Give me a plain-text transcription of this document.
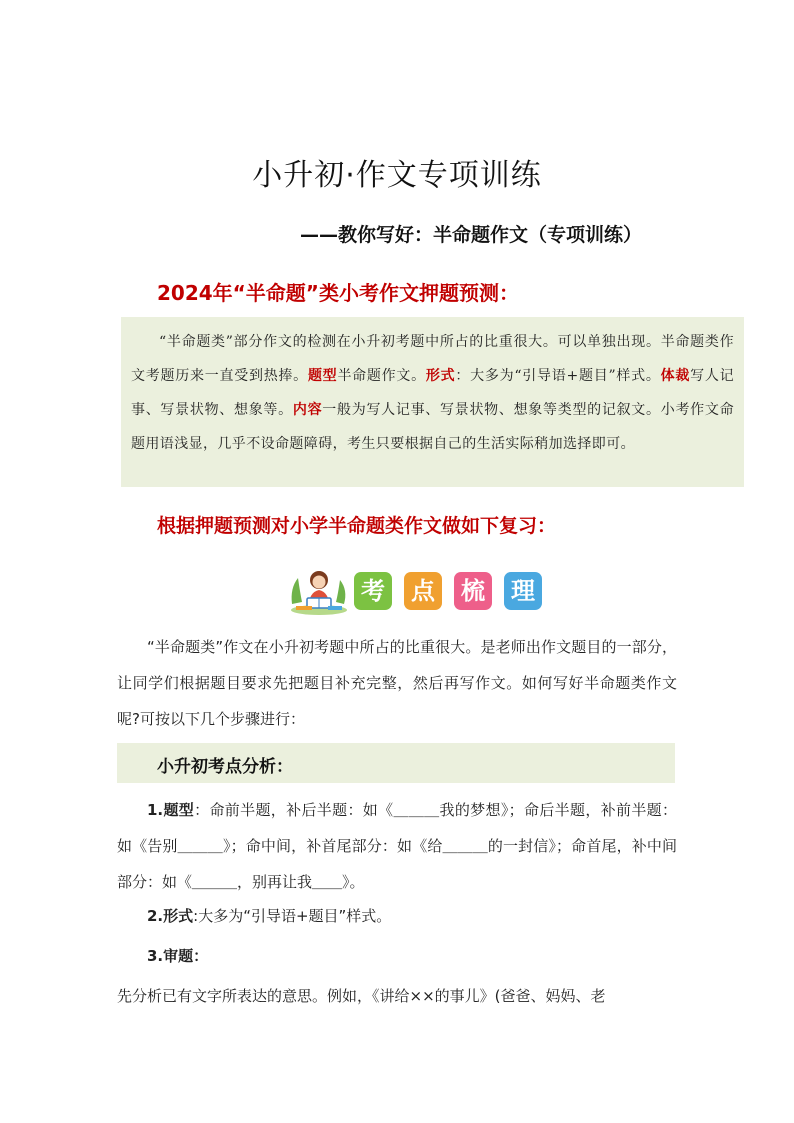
小升初·作文专项训练
——教你写好：半命题作文（专项训练）
2024年“半命题”类小考作文押题预测：

“半命题类”部分作文的检测在小升初考题中所占的比重很大。可以单独出现。半命题类作文考题历来一直受到热捧。题型半命题作文。形式：大多为“引导语+题目”样式。体裁写人记事、写景状物、想象等。内容一般为写人记事、写景状物、想象等类型的记叙文。小考作文命题用语浅显，几乎不设命题障碍，考生只要根据自己的生活实际稍加选择即可。

根据押题预测对小学半命题类作文做如下复习：
考 点 梳 理
“半命题类”作文在小升初考题中所占的比重很大。是老师出作文题目的一部分，让同学们根据题目要求先把题目补充完整，然后再写作文。如何写好半命题类作文呢?可按以下几个步骤进行：
小升初考点分析：
1.题型：命前半题，补后半题：如《＿＿＿我的梦想》；命后半题，补前半题：如《告别＿＿＿》；命中间，补首尾部分：如《给＿＿＿的一封信》；命首尾，补中间部分：如《＿＿＿，别再让我＿＿》。
2.形式:大多为“引导语+题目”样式。
3.审题：
先分析已有文字所表达的意思。例如，《讲给××的事儿》(爸爸、妈妈、老
